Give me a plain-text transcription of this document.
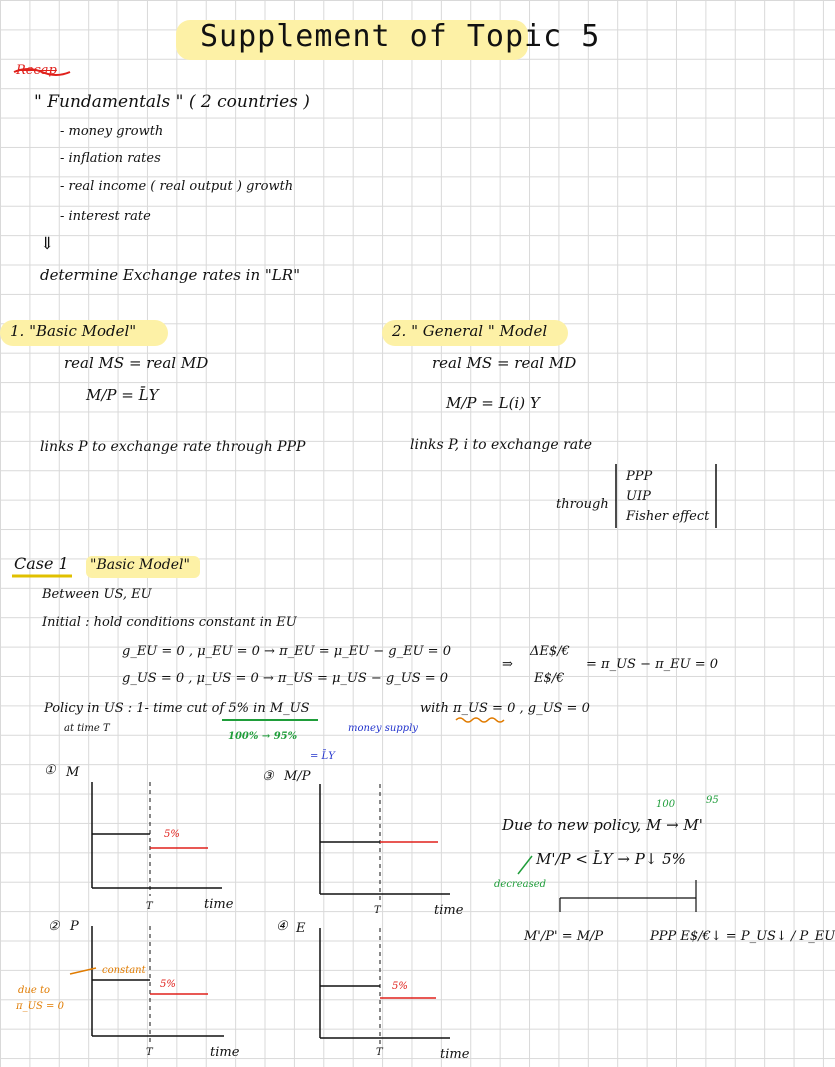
Supplement of Topic 5
Recap
" Fundamentals " ( 2 countries )
- money growth
- inflation rates
- real income ( real output ) growth
- interest rate
⇓
determine Exchange rates in "LR"
1. "Basic Model"
real MS = real MD
M/P = L̄Y
links P to exchange rate through PPP
2. " General " Model
real MS = real MD
M/P = L(i) Y
links P, i to exchange rate
through
PPP
UIP
Fisher effect
Case 1 "Basic Model"
Between US, EU
Initial : hold conditions constant in EU
g_EU = 0 , μ_EU = 0 → π_EU = μ_EU − g_EU = 0
g_US = 0 , μ_US = 0 → π_US = μ_US − g_US = 0
⇒
ΔE$/€
E$/€
= π_US − π_EU = 0
Policy in US : 1- time cut of 5% in M_US	with π_US = 0 , g_US = 0
at time T
100% → 95%
money supply
① M
5%
T	time
③ M/P
= L̄Y
T	time
② P
constant
due to
π_US = 0
5%
T	time
④ E
5%
T	time
100	95
Due to new policy, M → M'
M'/P < L̄Y → P↓ 5%
decreased
M'/P' = M/P	PPP E$/€↓ = P_US↓ / P_EU
